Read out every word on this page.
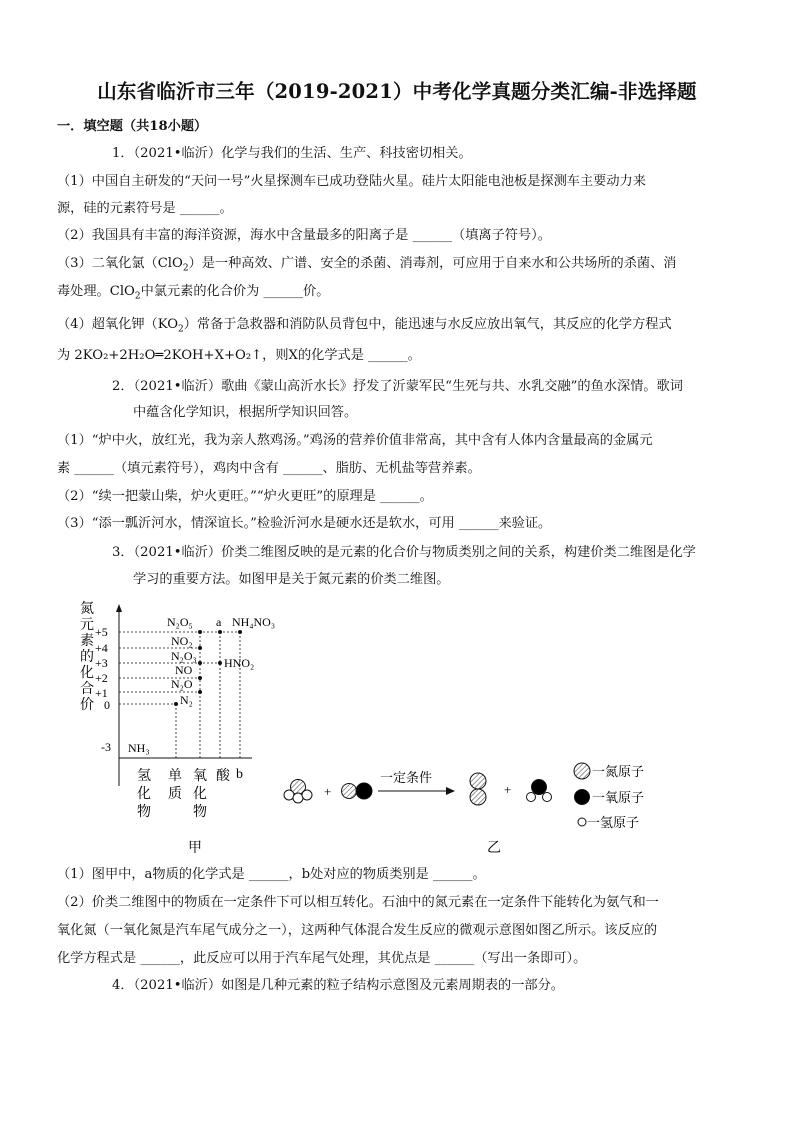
山东省临沂市三年（2019-2021）中考化学真题分类汇编-非选择题
一．填空题（共18小题）
1．（2021•临沂）化学与我们的生活、生产、科技密切相关。
（1）中国自主研发的“天问一号”火星探测车已成功登陆火星。硅片太阳能电池板是探测车主要动力来
源，硅的元素符号是 ______。
（2）我国具有丰富的海洋资源，海水中含量最多的阳离子是 ______（填离子符号）。
（3）二氧化氯（ClO$_2$）是一种高效、广谱、安全的杀菌、消毒剂，可应用于自来水和公共场所的杀菌、消
毒处理。ClO$_2$中氯元素的化合价为 ______价。
（4）超氧化钾$(KO_2)$常备于急救器和消防队员背包中，能迅速与水反应放出氧气，其反应的化学方程式
为 2KO₂+2H₂O═2KOH+X+O₂↑，则X的化学式是 ______。
2．（2021•临沂）歌曲《蒙山高沂水长》抒发了沂蒙军民“生死与共、水乳交融”的鱼水深情。歌词
中蕴含化学知识，根据所学知识回答。
（1）“炉中火，放红光，我为亲人熬鸡汤。”鸡汤的营养价值非常高，其中含有人体内含量最高的金属元
素 ______（填元素符号），鸡肉中含有 ______、脂肪、无机盐等营养素。
（2）“续一把蒙山柴，炉火更旺。”“炉火更旺”的原理是 ______。
（3）“添一瓢沂河水，情深谊长。”检验沂河水是硬水还是软水，可用 ______来验证。
3．（2021•临沂）价类二维图反映的是元素的化合价与物质类别之间的关系，构建价类二维图是化学
学习的重要方法。如图甲是关于氮元素的价类二维图。
氮
元
素
的
化
合
价
+5
+4
+3
+2
+1
0
-3 NH₃
N₂
N₂O
NO
N₂O₃
NO₂
N₂O₅ a
HNO₂
NH₄NO₃
氢
化
物
单
质
氧
化
物
酸 b
甲
+
一定条件
+
一氮原子
一氧原子
一氢原子
乙
（1）图甲中，a物质的化学式是 ______，b处对应的物质类别是 ______。
（2）价类二维图中的物质在一定条件下可以相互转化。石油中的氮元素在一定条件下能转化为氨气和一
氧化氮（一氧化氮是汽车尾气成分之一），这两种气体混合发生反应的微观示意图如图乙所示。该反应的
化学方程式是 ______，此反应可以用于汽车尾气处理，其优点是 ______（写出一条即可）。
4．（2021•临沂）如图是几种元素的粒子结构示意图及元素周期表的一部分。
